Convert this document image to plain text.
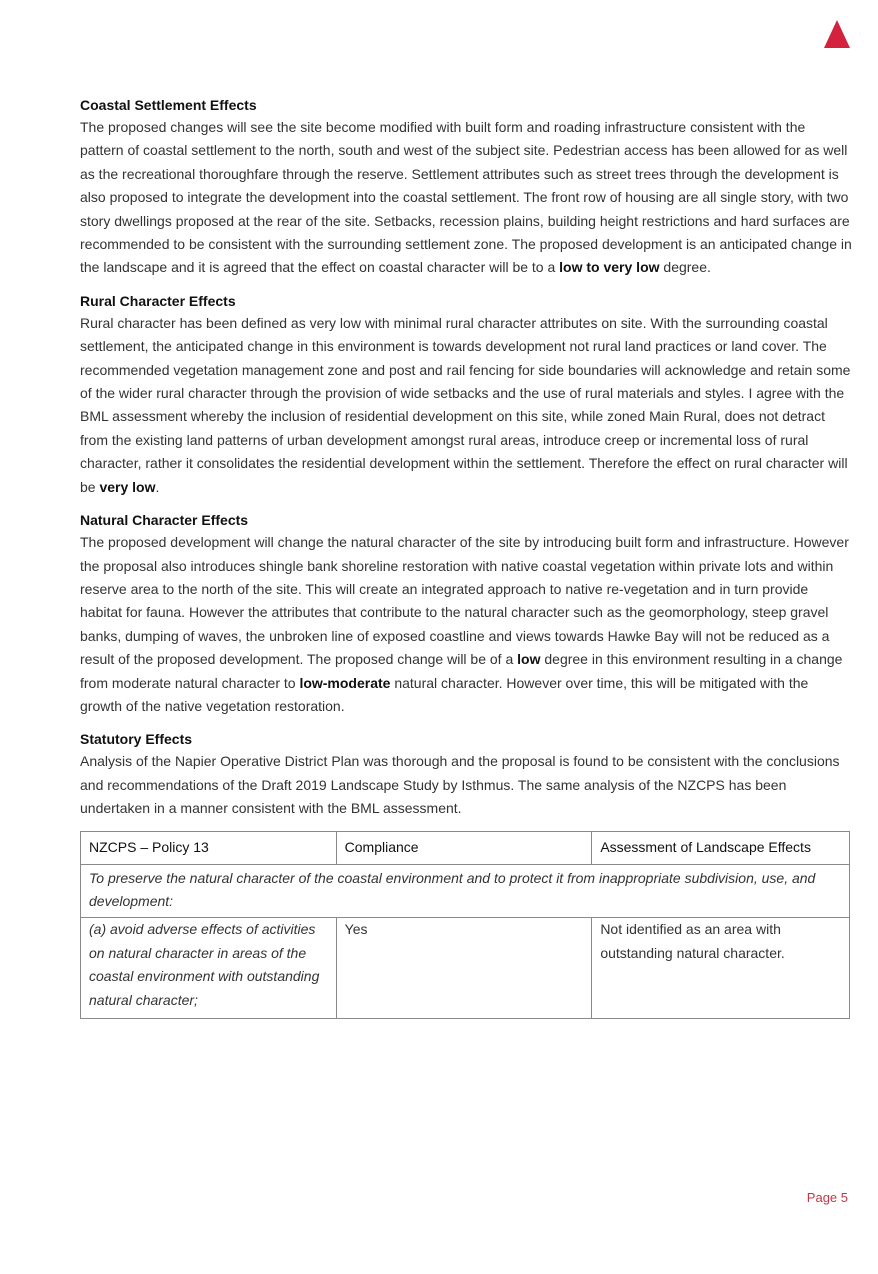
Coastal Settlement Effects

The proposed changes will see the site become modified with built form and roading infrastructure consistent with the pattern of coastal settlement to the north, south and west of the subject site. Pedestrian access has been allowed for as well as the recreational thoroughfare through the reserve. Settlement attributes such as street trees through the development is also proposed to integrate the development into the coastal settlement. The front row of housing are all single story, with two story dwellings proposed at the rear of the site. Setbacks, recession plains, building height restrictions and hard surfaces are recommended to be consistent with the surrounding settlement zone. The proposed development is an anticipated change in the landscape and it is agreed that the effect on coastal character will be to a low to very low degree.

Rural Character Effects

Rural character has been defined as very low with minimal rural character attributes on site. With the surrounding coastal settlement, the anticipated change in this environment is towards development not rural land practices or land cover. The recommended vegetation management zone and post and rail fencing for side boundaries will acknowledge and retain some of the wider rural character through the provision of wide setbacks and the use of rural materials and styles. I agree with the BML assessment whereby the inclusion of residential development on this site, while zoned Main Rural, does not detract from the existing land patterns of urban development amongst rural areas, introduce creep or incremental loss of rural character, rather it consolidates the residential development within the settlement. Therefore the effect on rural character will be very low.

Natural Character Effects

The proposed development will change the natural character of the site by introducing built form and infrastructure. However the proposal also introduces shingle bank shoreline restoration with native coastal vegetation within private lots and within reserve area to the north of the site. This will create an integrated approach to native re-vegetation and in turn provide habitat for fauna. However the attributes that contribute to the natural character such as the geomorphology, steep gravel banks, dumping of waves, the unbroken line of exposed coastline and views towards Hawke Bay will not be reduced as a result of the proposed development. The proposed change will be of a low degree in this environment resulting in a change from moderate natural character to low-moderate natural character. However over time, this will be mitigated with the growth of the native vegetation restoration.

Statutory Effects

Analysis of the Napier Operative District Plan was thorough and the proposal is found to be consistent with the conclusions and recommendations of the Draft 2019 Landscape Study by Isthmus. The same analysis of the NZCPS has been undertaken in a manner consistent with the BML assessment.

NZCPS – Policy 13	Compliance	Assessment of Landscape Effects
To preserve the natural character of the coastal environment and to protect it from inappropriate subdivision, use, and development:		
(a) avoid adverse effects of activities on natural character in areas of the coastal environment with outstanding natural character;	Yes	Not identified as an area with outstanding natural character.
Page 5
